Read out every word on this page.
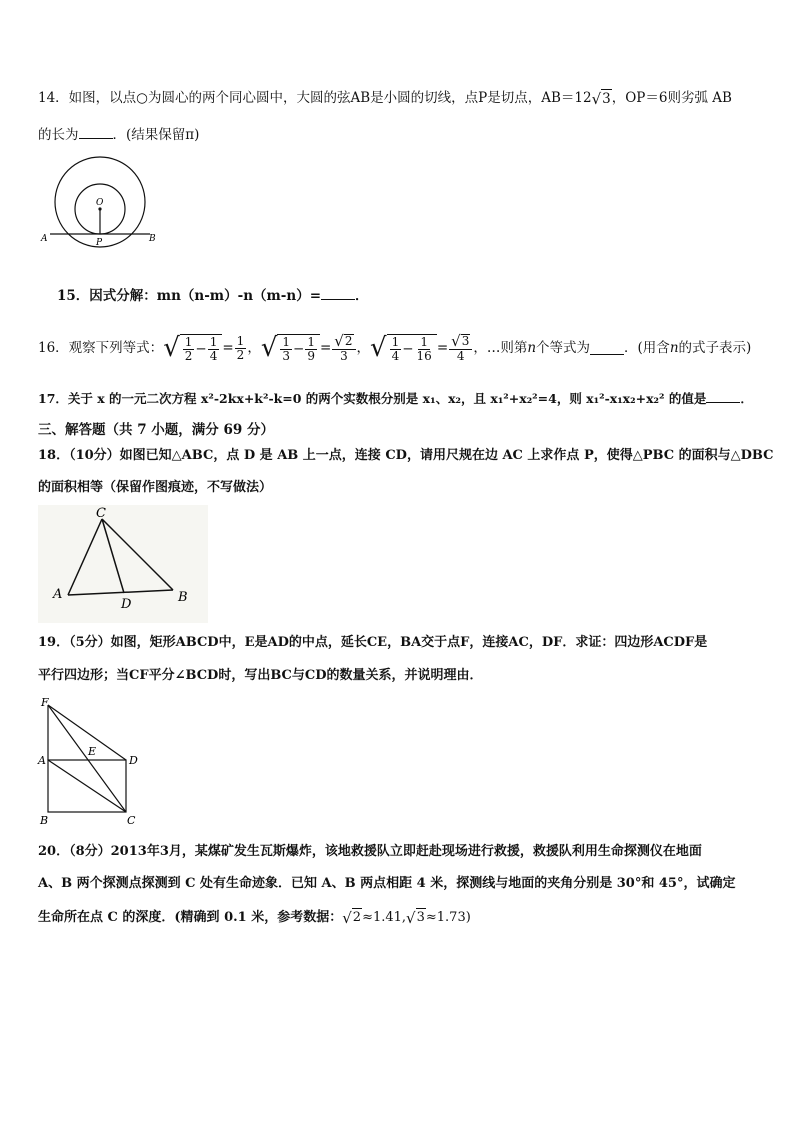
14．如图，以点○为圆心的两个同心圆中，大圆的弦AB是小圆的切线，点P是切点，AB＝12 √ 3 ，OP＝6则劣弧 AB
的长为	．(结果保留π)
O
A	P	B
15．因式分解：mn（n-m）-n（m-n）=	．
16．观察下列等式： √ $\frac{1}{2} - \frac{1}{4} = \frac{1}{2}$ ， √ $\frac{1}{3} - \frac{1}{9} = \frac{√ 2}{3}$ ， √ $\frac{1}{4} - \frac{1}{16} = \frac{√ 3}{4}$ ，…则第 n 个等式为	．(用含 n 的式子表示)
17．关于 x 的一元二次方程 x²-2kx+k²-k=0 的两个实数根分别是 x₁、x₂，且 x₁²+x₂²=4，则 x₁²-x₁x₂+x₂² 的值是	．
三、解答题（共 7 小题，满分 69 分）
18．（10分）如图已知△ABC，点 D 是 AB 上一点，连接 CD，请用尺规在边 AC 上求作点 P，使得△PBC 的面积与△DBC
的面积相等（保留作图痕迹，不写做法）
C
A
D	B
19．（5分）如图，矩形ABCD中，E是AD的中点，延长CE，BA交于点F，连接AC，DF．求证：四边形ACDF是
平行四边形；当CF平分∠BCD时，写出BC与CD的数量关系，并说明理由．
F
A
E
D
B	C
20．（8分）2013年3月，某煤矿发生瓦斯爆炸，该地救援队立即赶赴现场进行救援，救援队利用生命探测仪在地面
A、B 两个探测点探测到 C 处有生命迹象．已知 A、B 两点相距 4 米，探测线与地面的夹角分别是 30°和 45°，试确定
生命所在点 C 的深度．(精确到 0.1 米，参考数据： √ 2 ≈1.41, √ 3 ≈1.73)
